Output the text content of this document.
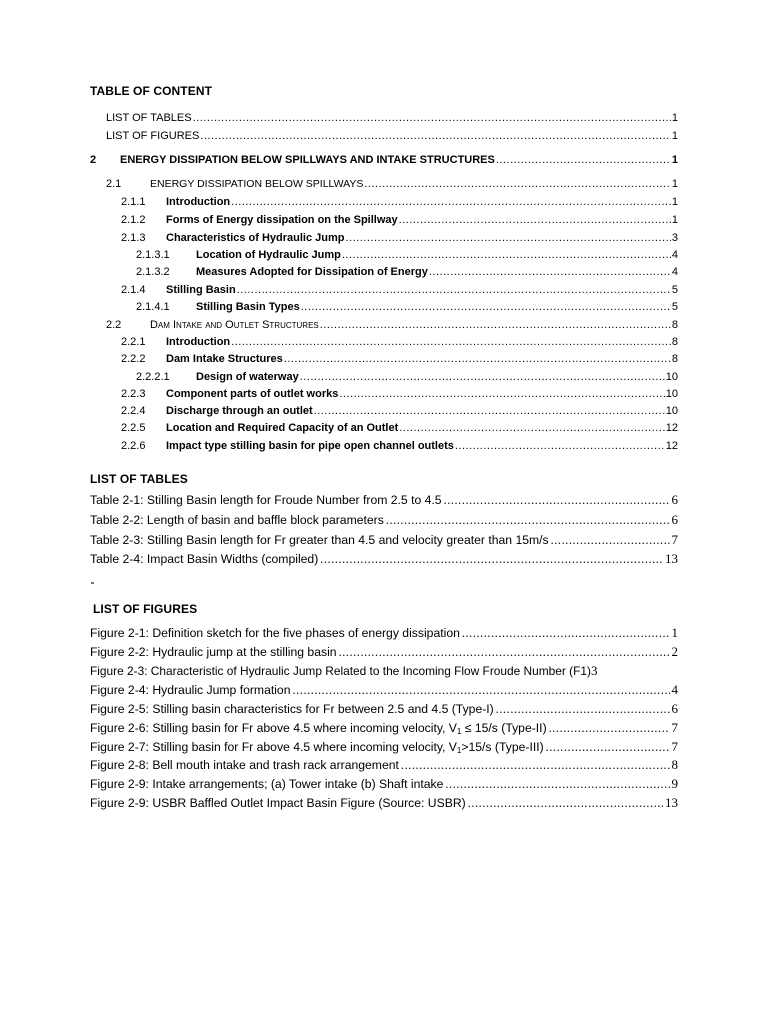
TABLE OF CONTENT
LIST OF TABLES .....	1
LIST OF FIGURES .....	1
2	ENERGY DISSIPATION BELOW SPILLWAYS AND INTAKE STRUCTURES .....	1
2.1	ENERGY DISSIPATION BELOW SPILLWAYS .....	1
2.1.1	Introduction .....	1
2.1.2	Forms of Energy dissipation on the Spillway .....	1
2.1.3	Characteristics of Hydraulic Jump .....	3
2.1.3.1	Location of Hydraulic Jump .....	4
2.1.3.2	Measures Adopted for Dissipation of Energy .....	4
2.1.4	Stilling Basin .....	5
2.1.4.1	Stilling Basin Types .....	5
2.2	Dam Intake and Outlet Structures .....	8
2.2.1	Introduction .....	8
2.2.2	Dam Intake Structures .....	8
2.2.2.1	Design of waterway .....	10
2.2.3	Component parts of outlet works .....	10
2.2.4	Discharge through an outlet .....	10
2.2.5	Location and Required Capacity of an Outlet .....	12
2.2.6	Impact type stilling basin for pipe open channel outlets .....	12
LIST OF TABLES
Table 2-1: Stilling Basin length for Froude Number from 2.5 to 4.5 .....	6
Table 2-2: Length of basin and baffle block parameters .....	6
Table 2-3: Stilling Basin length for Fr greater than 4.5 and velocity greater than 15m/s .....	7
Table 2-4: Impact Basin Widths (compiled) .....	13
LIST OF FIGURES
Figure 2-1: Definition sketch for the five phases of energy dissipation .....	1
Figure 2-2: Hydraulic jump at the stilling basin .....	2
Figure 2-3: Characteristic of Hydraulic Jump Related to the Incoming Flow Froude Number (F1) 3
Figure 2-4: Hydraulic Jump formation .....	4
Figure 2-5: Stilling basin characteristics for Fr between 2.5 and 4.5 (Type-I) .....	6
Figure 2-6: Stilling basin for Fr above 4.5 where incoming velocity, $V_1 \le 15/s$ (Type-II) .....	7
Figure 2-7: Stilling basin for Fr above 4.5 where incoming velocity, $V_1>15/s$ (Type-III) .....	7
Figure 2-8: Bell mouth intake and trash rack arrangement .....	8
Figure 2-9: Intake arrangements; (a) Tower intake (b) Shaft intake .....	9
Figure 2-9: USBR Baffled Outlet Impact Basin Figure (Source: USBR) .....	13
